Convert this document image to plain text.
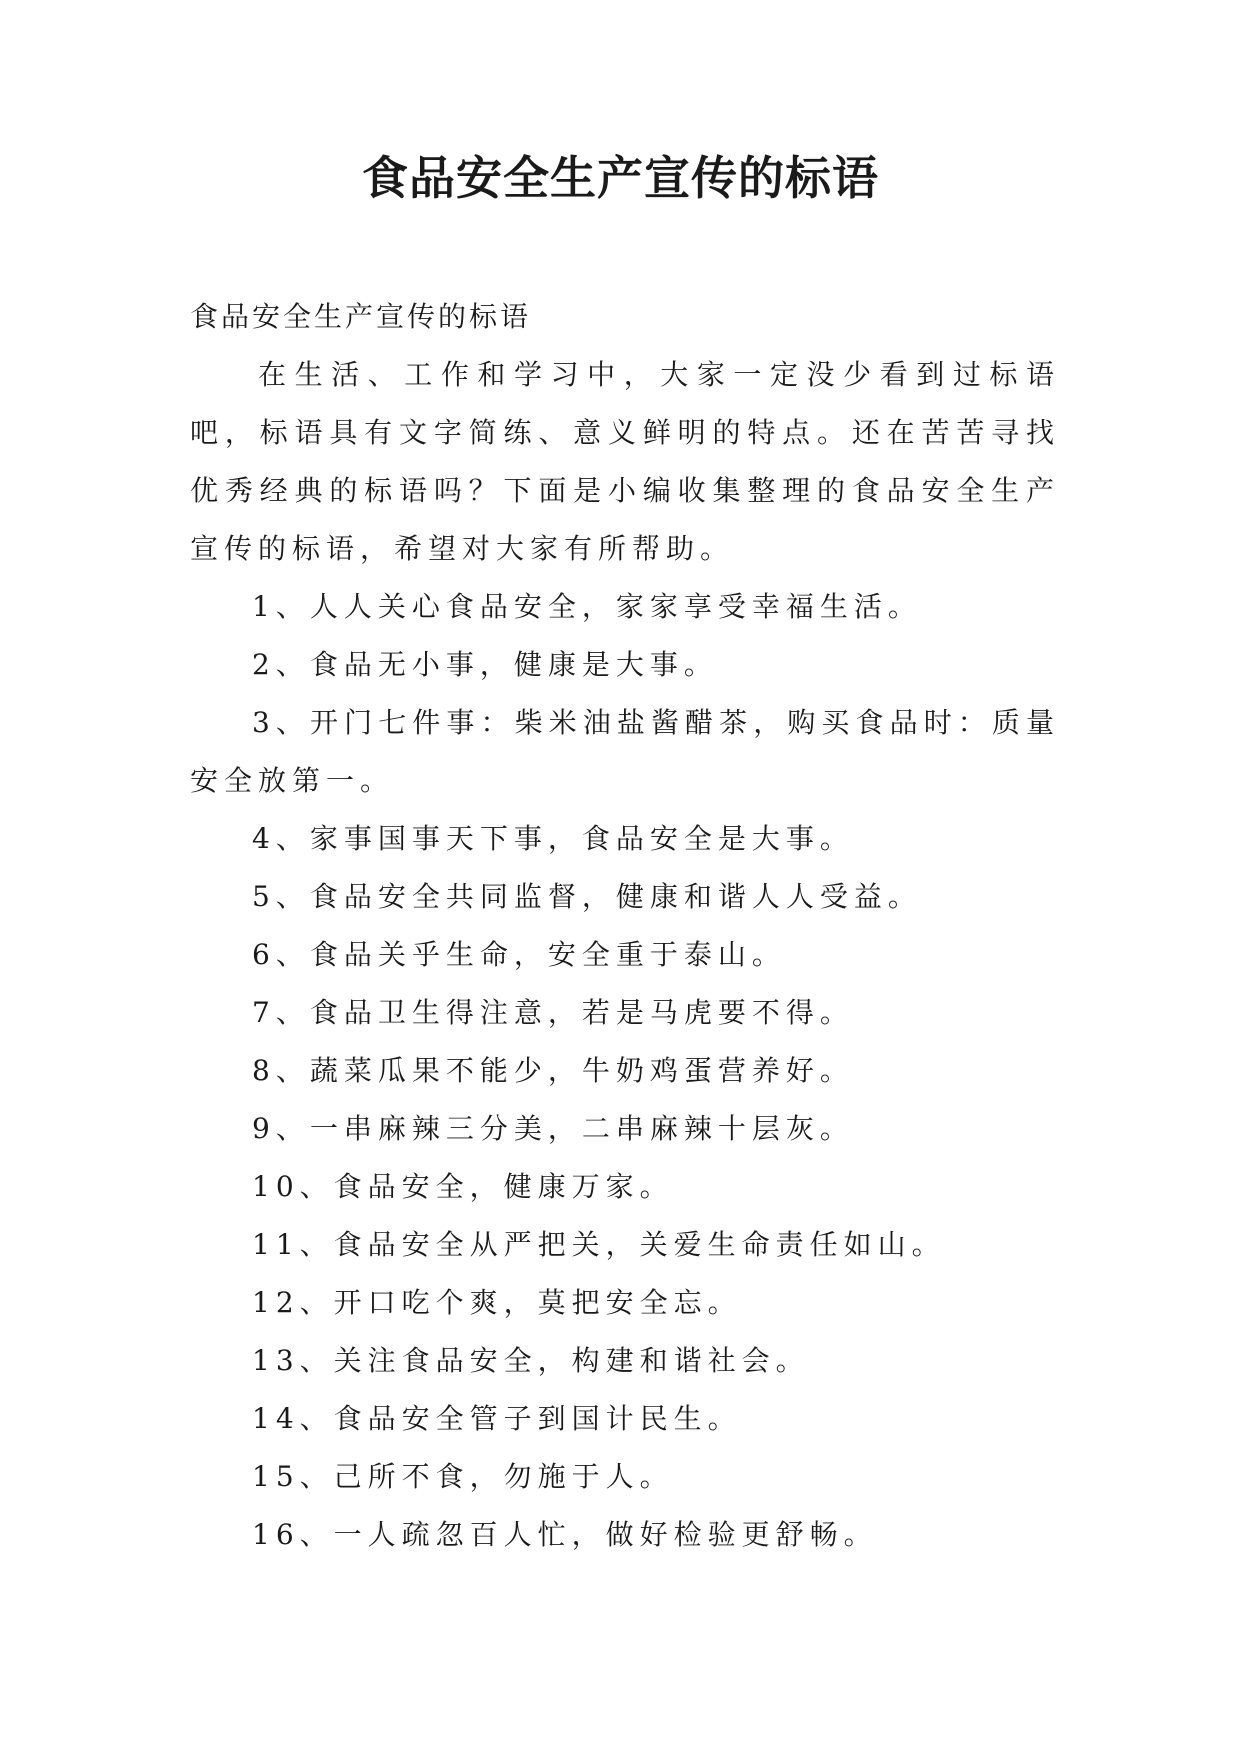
食品安全生产宣传的标语

食品安全生产宣传的标语

在生活、工作和学习中，大家一定没少看到过标语吧，标语具有文字简练、意义鲜明的特点。还在苦苦寻找优秀经典的标语吗？下面是小编收集整理的食品安全生产宣传的标语，希望对大家有所帮助。

1、人人关心食品安全，家家享受幸福生活。
2、食品无小事，健康是大事。
3、开门七件事：柴米油盐酱醋茶，购买食品时：质量安全放第一。
4、家事国事天下事，食品安全是大事。
5、食品安全共同监督，健康和谐人人受益。
6、食品关乎生命，安全重于泰山。
7、食品卫生得注意，若是马虎要不得。
8、蔬菜瓜果不能少，牛奶鸡蛋营养好。
9、一串麻辣三分美，二串麻辣十层灰。
10、食品安全，健康万家。
11、食品安全从严把关，关爱生命责任如山。
12、开口吃个爽，莫把安全忘。
13、关注食品安全，构建和谐社会。
14、食品安全管子到国计民生。
15、己所不食，勿施于人。
16、一人疏忽百人忙，做好检验更舒畅。
